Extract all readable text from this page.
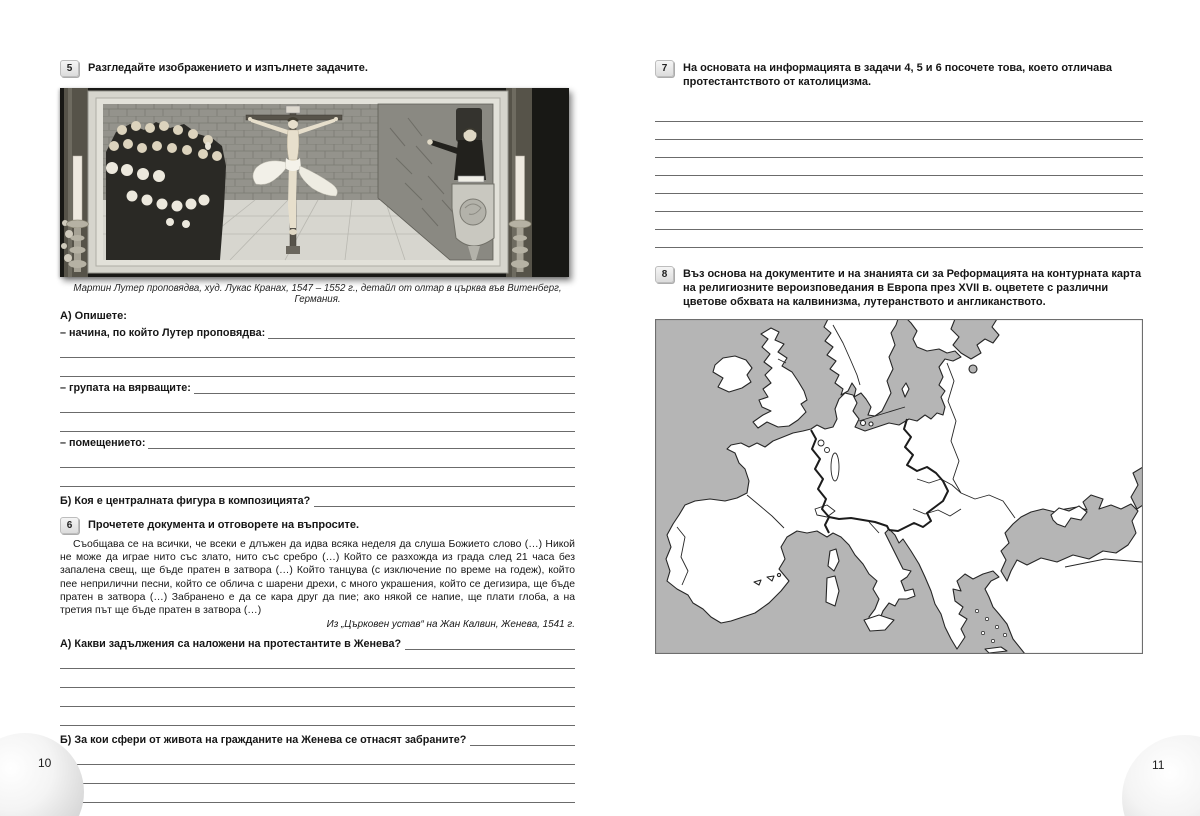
5	Разгледайте изображението и изпълнете задачите.
Мартин Лутер проповядва, худ. Лукас Кранах, 1547 – 1552 г., детайл от олтар в църква във Витенберг, Германия.
А) Опишете:
– начина, по който Лутер проповядва:
– групата на вярващите:
– помещението:
Б) Коя е централната фигура в композицията?
6	Прочетете документа и отговорете на въпросите.
Съобщава се на всички, че всеки е длъжен да идва всяка неделя да слуша Божието слово (…) Никой не може да играе нито със злато, нито със сребро (…) Който се разхожда из града след 21 часа без запалена свещ, ще бъде пратен в затвора (…) Който танцува (с изключение по време на годеж), който пее неприлични песни, който се облича с шарени дрехи, с много украшения, който се дегизира, ще бъде пратен в затвора (…) Забранено е да се кара друг да пие; ако някой се напие, ще плати глоба, а на третия път ще бъде пратен в затвора (…)
Из „Църковен устав“ на Жан Калвин, Женева, 1541 г.
А) Какви задължения са наложени на протестантите в Женева?
Б) За кои сфери от живота на гражданите на Женева се отнасят забраните?
7	На основата на информацията в задачи 4, 5 и 6 посочете това, което отличава протестантството от католицизма.
8	Въз основа на документите и на знанията си за Реформацията на контурната карта на религиозните вероизповедания в Европа през XVII в. оцветете с различни цветове обхвата на калвинизма, лутеранството и англиканството.
10	11
